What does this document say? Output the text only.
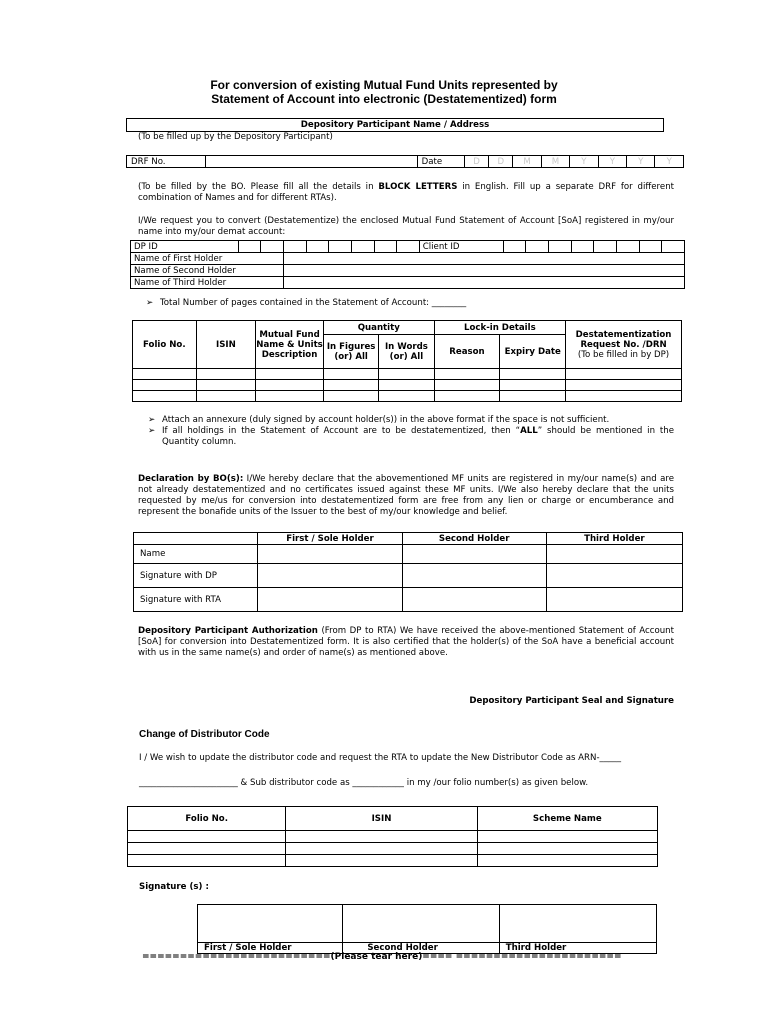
For conversion of existing Mutual Fund Units represented by
Statement of Account into electronic (Destatementized) form
Depository Participant Name / Address
(To be filled up by the Depository Participant)
DRF No.		Date	D	D	M	M	Y	Y	Y	Y
(To be filled by the BO. Please fill all the details in BLOCK LETTERS in English. Fill up a separate DRF for different combination of Names and for different RTAs).
I/We request you to convert (Destatementize) the enclosed Mutual Fund Statement of Account [SoA] registered in my/our name into my/our demat account:
DP ID									Client ID								
Name of First Holder																	
Name of Second Holder																	
Name of Third Holder																	
➢ Total Number of pages contained in the Statement of Account: ________
Folio No.	ISIN	Mutual Fund Name & Units Description	Quantity		Lock-in Details		Destatementization Request No. /DRN
(To be filled in by DP)

			In Figures (or) All	In Words (or) All	Reason	Expiry Date	

➢ Attach an annexure (duly signed by account holder(s)) in the above format if the space is not sufficient.
➢ If all holdings in the Statement of Account are to be destatementized, then “ALL” should be mentioned in the Quantity column.
Declaration by BO(s): I/We hereby declare that the abovementioned MF units are registered in my/our name(s) and are not already destatementized and no certificates issued against these MF units. I/We also hereby declare that the units requested by me/us for conversion into destatementized form are free from any lien or charge or encumberance and represent the bonafide units of the Issuer to the best of my/our knowledge and belief.
	First / Sole Holder	Second Holder	Third Holder
Name			
Signature with DP			
Signature with RTA			
Depository Participant Authorization (From DP to RTA) We have received the above-mentioned Statement of Account [SoA] for conversion into Destatementized form. It is also certified that the holder(s) of the SoA have a beneficial account with us in the same name(s) and order of name(s) as mentioned above.
Depository Participant Seal and Signature
Change of Distributor Code
I / We wish to update the distributor code and request the RTA to update the New Distributor Code as ARN-_____
_______________________ & Sub distributor code as ____________ in my /our folio number(s) as given below.
Folio No.	ISIN	Scheme Name

Signature (s) :

First / Sole Holder	Second Holder	Third Holder
=========================(Please tear here)==== ======================
